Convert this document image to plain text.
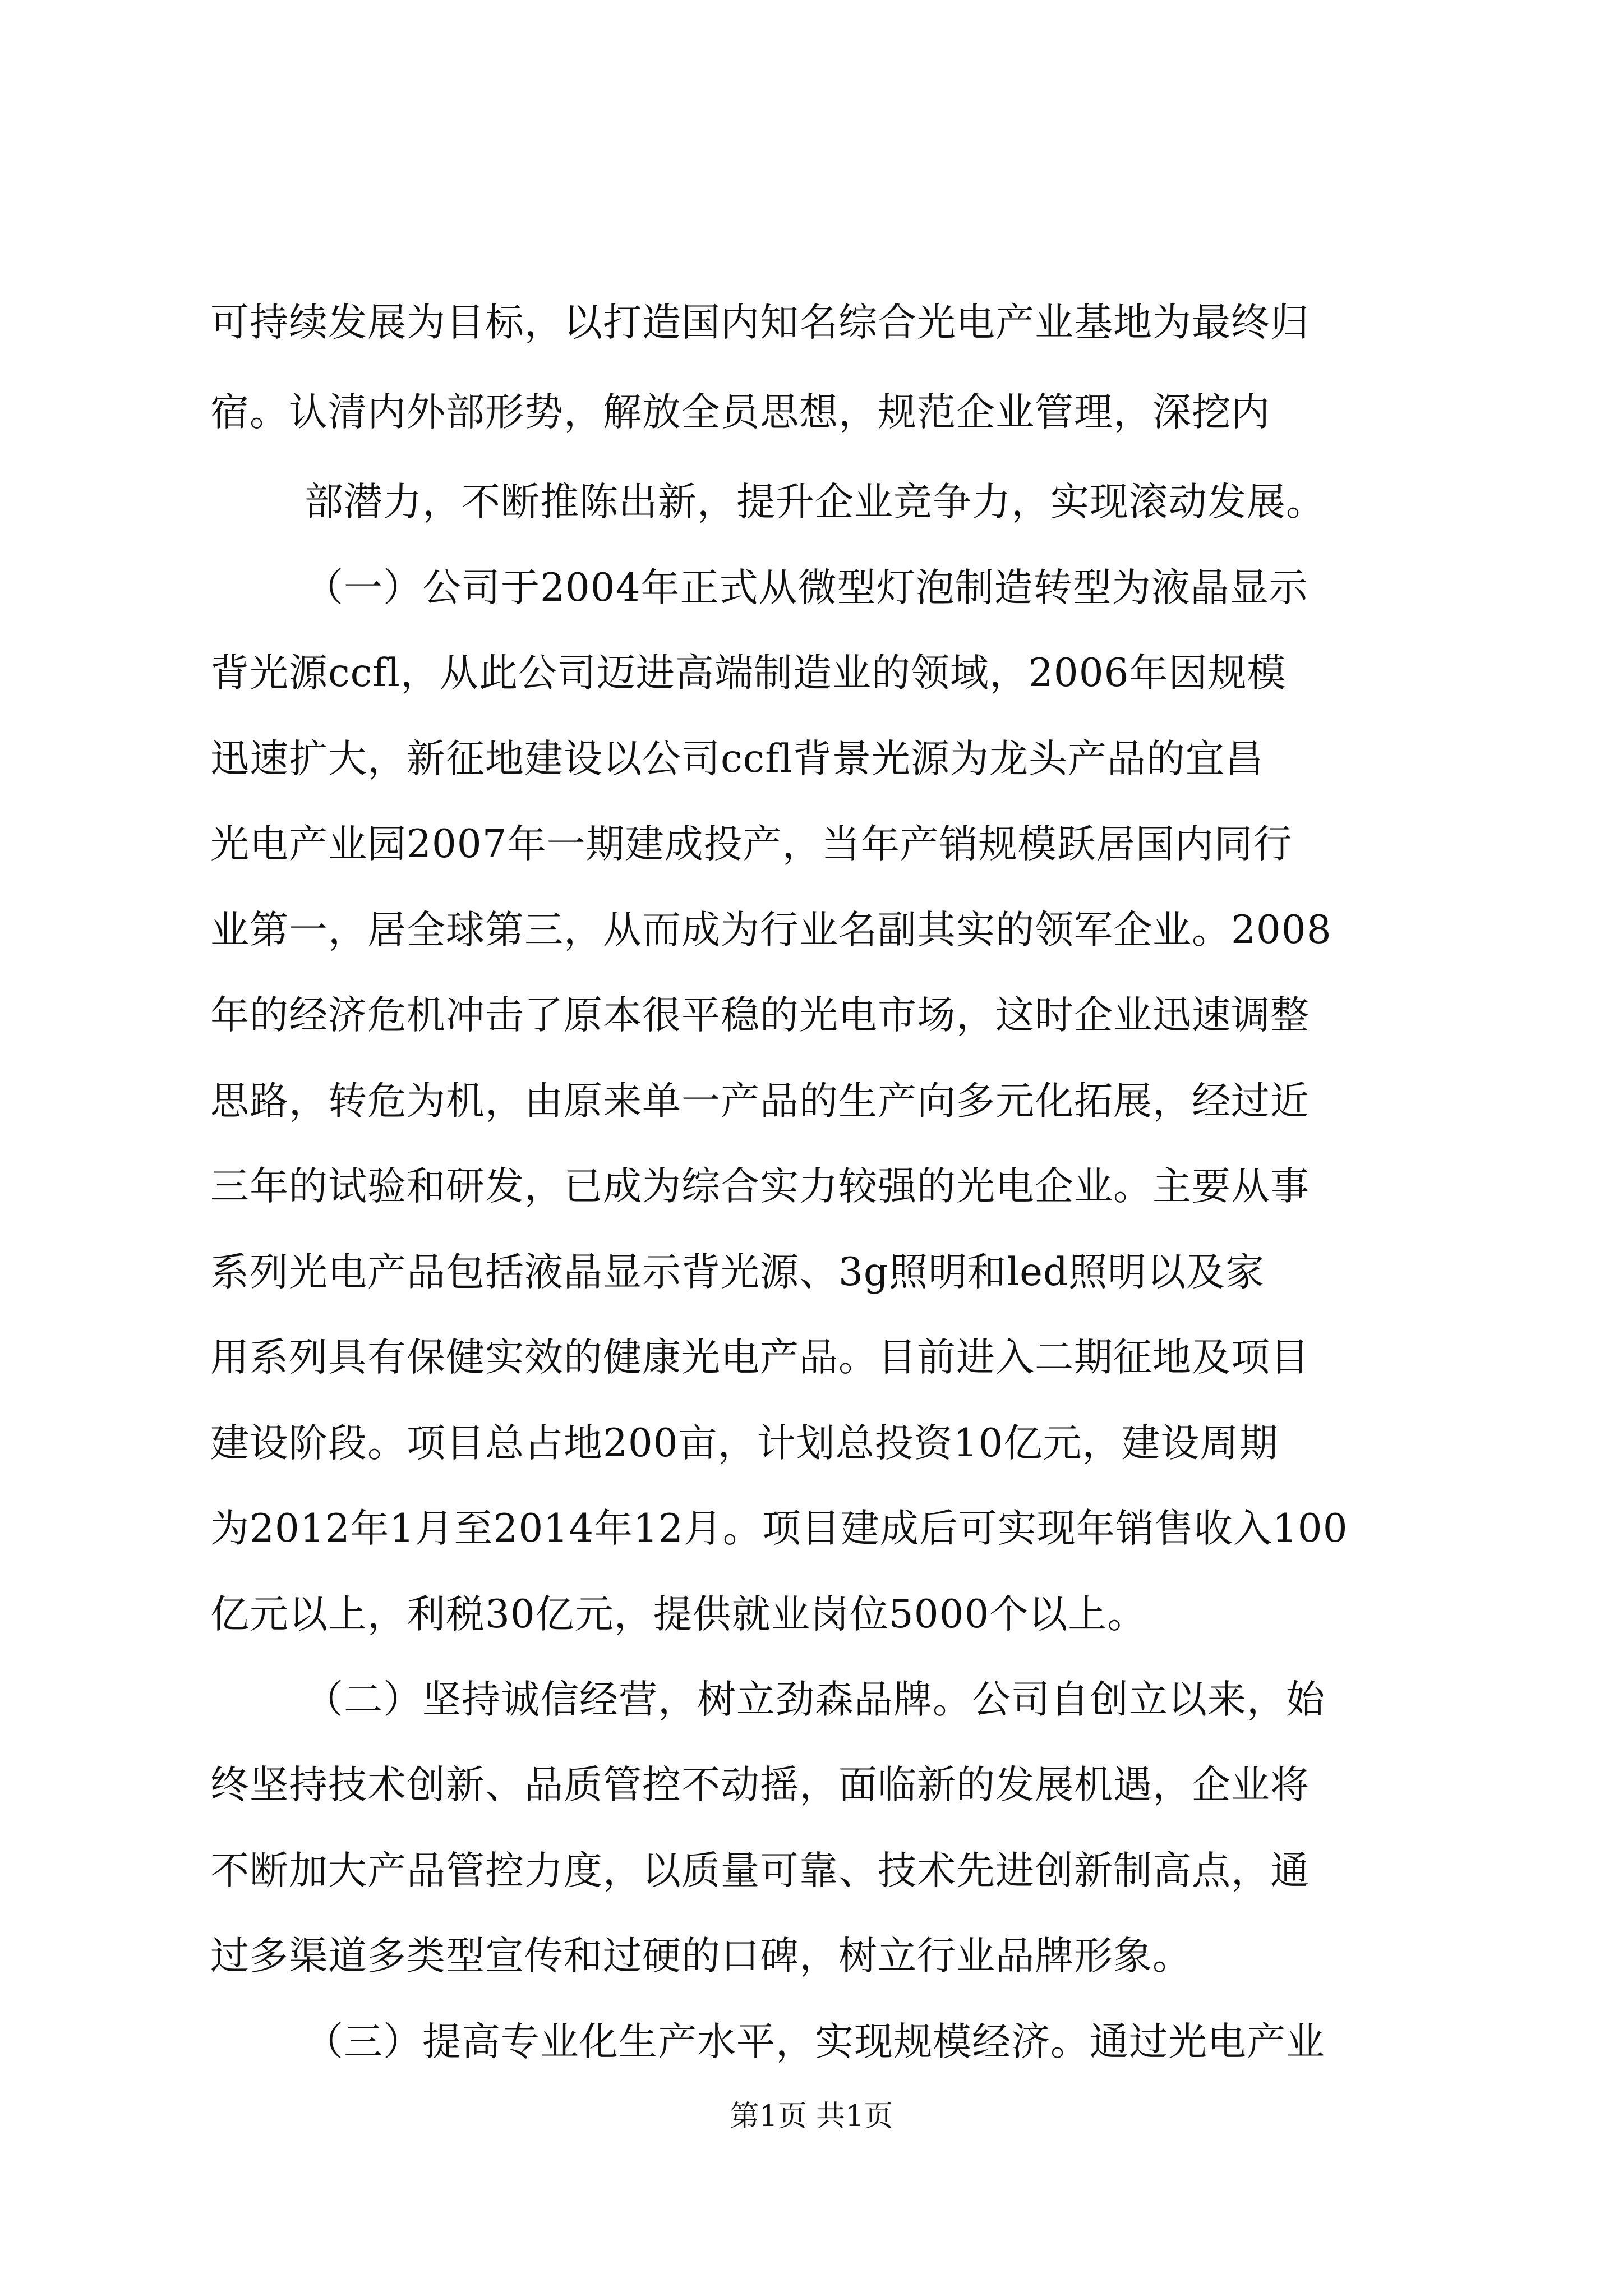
可持续发展为目标，以打造国内知名综合光电产业基地为最终归
宿。认清内外部形势，解放全员思想，规范企业管理，深挖内
部潜力，不断推陈出新，提升企业竞争力，实现滚动发展。
（一）公司于2004年正式从微型灯泡制造转型为液晶显示
背光源ccfl，从此公司迈进高端制造业的领域，2006年因规模
迅速扩大，新征地建设以公司ccfl背景光源为龙头产品的宜昌
光电产业园2007年一期建成投产，当年产销规模跃居国内同行
业第一，居全球第三，从而成为行业名副其实的领军企业。2008
年的经济危机冲击了原本很平稳的光电市场，这时企业迅速调整
思路，转危为机，由原来单一产品的生产向多元化拓展，经过近
三年的试验和研发，已成为综合实力较强的光电企业。主要从事
系列光电产品包括液晶显示背光源、3g照明和led照明以及家
用系列具有保健实效的健康光电产品。目前进入二期征地及项目
建设阶段。项目总占地200亩，计划总投资10亿元，建设周期
为2012年1月至2014年12月。项目建成后可实现年销售收入100
亿元以上，利税30亿元，提供就业岗位5000个以上。
（二）坚持诚信经营，树立劲森品牌。公司自创立以来，始
终坚持技术创新、品质管控不动摇，面临新的发展机遇，企业将
不断加大产品管控力度，以质量可靠、技术先进创新制高点，通
过多渠道多类型宣传和过硬的口碑，树立行业品牌形象。
（三）提高专业化生产水平，实现规模经济。通过光电产业
第1页 共1页
